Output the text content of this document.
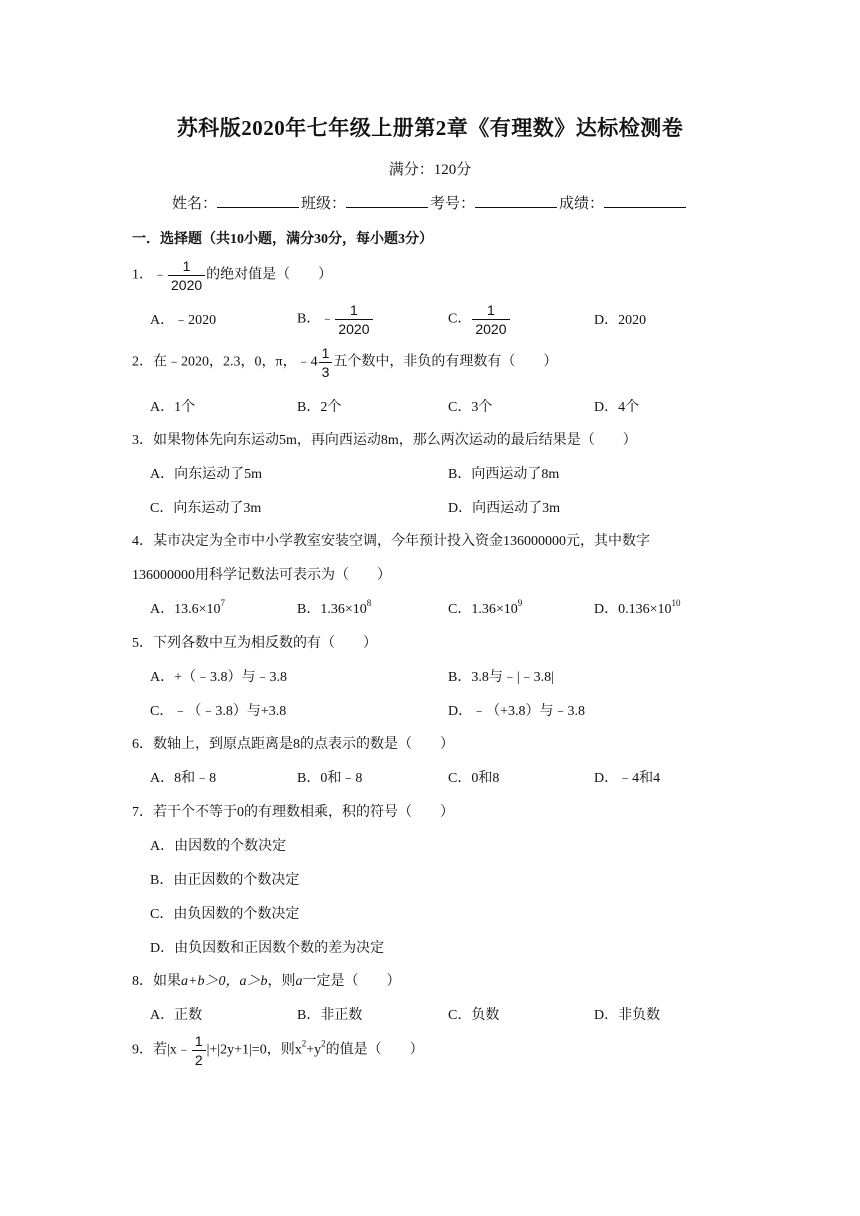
苏科版2020年七年级上册第2章《有理数》达标检测卷
满分：120分
姓名：	班级：	考号：	成绩：
一．选择题（共10小题，满分30分，每小题3分）
1．﹣ $\frac{1}{2020}$ 的绝对值是（　　）
A．﹣2020	B．﹣ $\frac{1}{2020}$	C． $\frac{1}{2020}$	D．2020
2．在﹣2020，2.3，0，π，﹣4 $\frac{1}{3}$ 五个数中，非负的有理数有（　　）
A．1个	B．2个	C．3个	D．4个
3．如果物体先向东运动5m，再向西运动8m，那么两次运动的最后结果是（　　）
A．向东运动了5m	B．向西运动了8m
C．向东运动了3m	D．向西运动了3m
4．某市决定为全市中小学教室安装空调，今年预计投入资金136000000元，其中数字
136000000用科学记数法可表示为（　　）
A．$13.6\times 10^7$	B．$1.36\times 10^8$	C．$1.36\times 10^9$	D．$0.136\times 10^{10}$
5．下列各数中互为相反数的有（　　）
A．+（﹣3.8）与﹣3.8	B．3.8与﹣|﹣3.8|
C．﹣（﹣3.8）与+3.8	D．﹣（+3.8）与﹣3.8
6．数轴上，到原点距离是8的点表示的数是（　　）
A．8和﹣8	B．0和﹣8	C．0和8	D．﹣4和4
7．若干个不等于0的有理数相乘，积的符号（　　）
A．由因数的个数决定
B．由正因数的个数决定
C．由负因数的个数决定
D．由负因数和正因数个数的差为决定
8．如果a+b＞0，a＞b，则a一定是（　　）
A．正数	B．非正数	C．负数	D．非负数
9．若|x﹣ $\frac{1}{2} |+|2y+1|=0$，则$x^2+y^2$的值是（　　）
